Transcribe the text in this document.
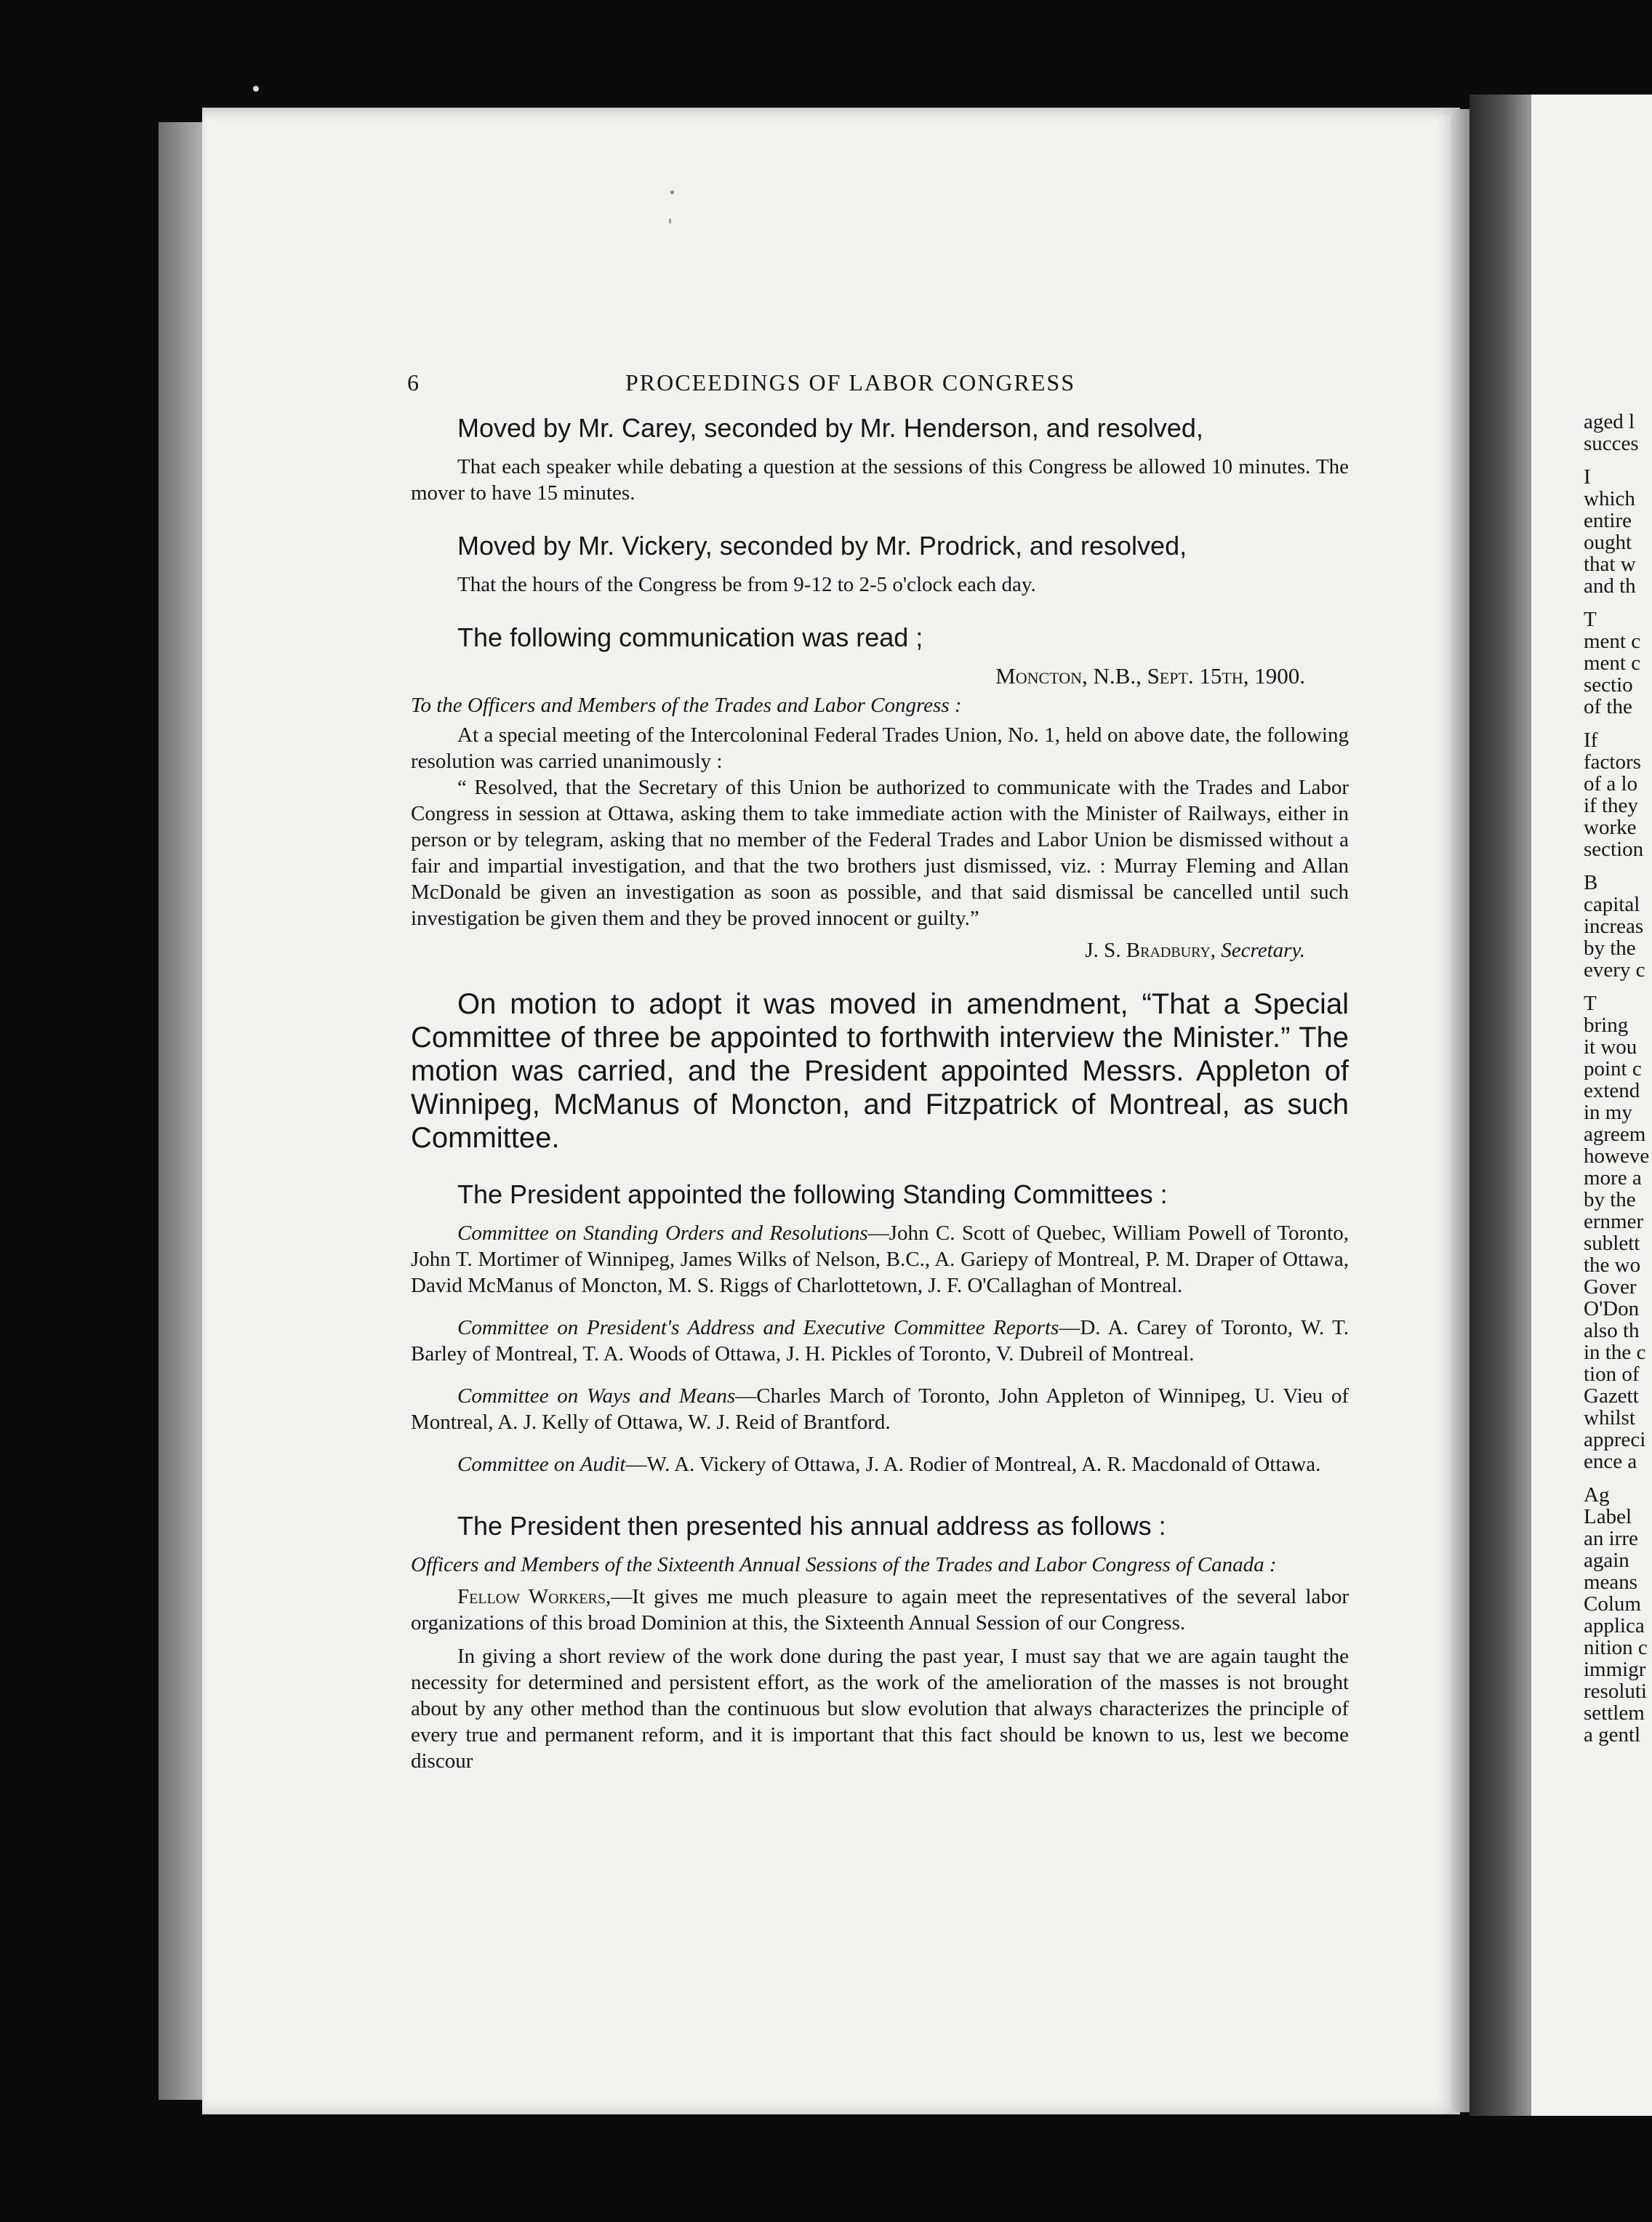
6	PROCEEDINGS OF LABOR CONGRESS

Moved by Mr. Carey, seconded by Mr. Henderson, and resolved,

That each speaker while debating a question at the sessions of this Congress be allowed 10 minutes. The mover to have 15 minutes.

Moved by Mr. Vickery, seconded by Mr. Prodrick, and resolved,

That the hours of the Congress be from 9-12 to 2-5 o'clock each day.

The following communication was read ;

Moncton, N.B., Sept. 15th, 1900.

To the Officers and Members of the Trades and Labor Congress :

At a special meeting of the Intercoloninal Federal Trades Union, No. 1, held on above date, the following resolution was carried unanimously :

“ Resolved, that the Secretary of this Union be authorized to communicate with the Trades and Labor Congress in session at Ottawa, asking them to take immediate action with the Minister of Railways, either in person or by telegram, asking that no member of the Federal Trades and Labor Union be dismissed without a fair and impartial investigation, and that the two brothers just dismissed, viz. : Murray Fleming and Allan McDonald be given an investigation as soon as possible, and that said dismissal be cancelled until such investigation be given them and they be proved innocent or guilty.”

J. S. Bradbury, Secretary.

On motion to adopt it was moved in amendment, “That a Special Committee of three be appointed to forthwith interview the Minister.” The motion was carried, and the President appointed Messrs. Appleton of Winnipeg, McManus of Moncton, and Fitzpatrick of Montreal, as such Committee.

The President appointed the following Standing Committees :

Committee on Standing Orders and Resolutions—John C. Scott of Quebec, William Powell of Toronto, John T. Mortimer of Winnipeg, James Wilks of Nelson, B.C., A. Gariepy of Montreal, P. M. Draper of Ottawa, David McManus of Moncton, M. S. Riggs of Charlottetown, J. F. O'Callaghan of Montreal.

Committee on President's Address and Executive Committee Reports—D. A. Carey of Toronto, W. T. Barley of Montreal, T. A. Woods of Ottawa, J. H. Pickles of Toronto, V. Dubreil of Montreal.

Committee on Ways and Means—Charles March of Toronto, John Appleton of Winnipeg, U. Vieu of Montreal, A. J. Kelly of Ottawa, W. J. Reid of Brantford.

Committee on Audit—W. A. Vickery of Ottawa, J. A. Rodier of Montreal, A. R. Macdonald of Ottawa.

The President then presented his annual address as follows :

Officers and Members of the Sixteenth Annual Sessions of the Trades and Labor Congress of Canada :

Fellow Workers,—It gives me much pleasure to again meet the representatives of the several labor organizations of this broad Dominion at this, the Sixteenth Annual Session of our Congress.

In giving a short review of the work done during the past year, I must say that we are again taught the necessity for determined and persistent effort, as the work of the amelioration of the masses is not brought about by any other method than the continuous but slow evolution that always characterizes the principle of every true and permanent reform, and it is important that this fact should be known to us, lest we become discour

aged l
succes
I
which
entire
ought
that w
and th
T
ment c
ment c
sectio
of the
If
factors
of a lo
if they
worke
section
B
capital
increas
by the
every c
T
bring
it wou
point c
extend
in my
agreem
howeve
more a
by the
ernmer
sublett
the wo
Gover
O'Don
also th
in the c
tion of
Gazett
whilst
appreci
ence a
Ag
Label
an irre
again
means
Colum
applica
nition c
immigr
resoluti
settlem
a gentl
